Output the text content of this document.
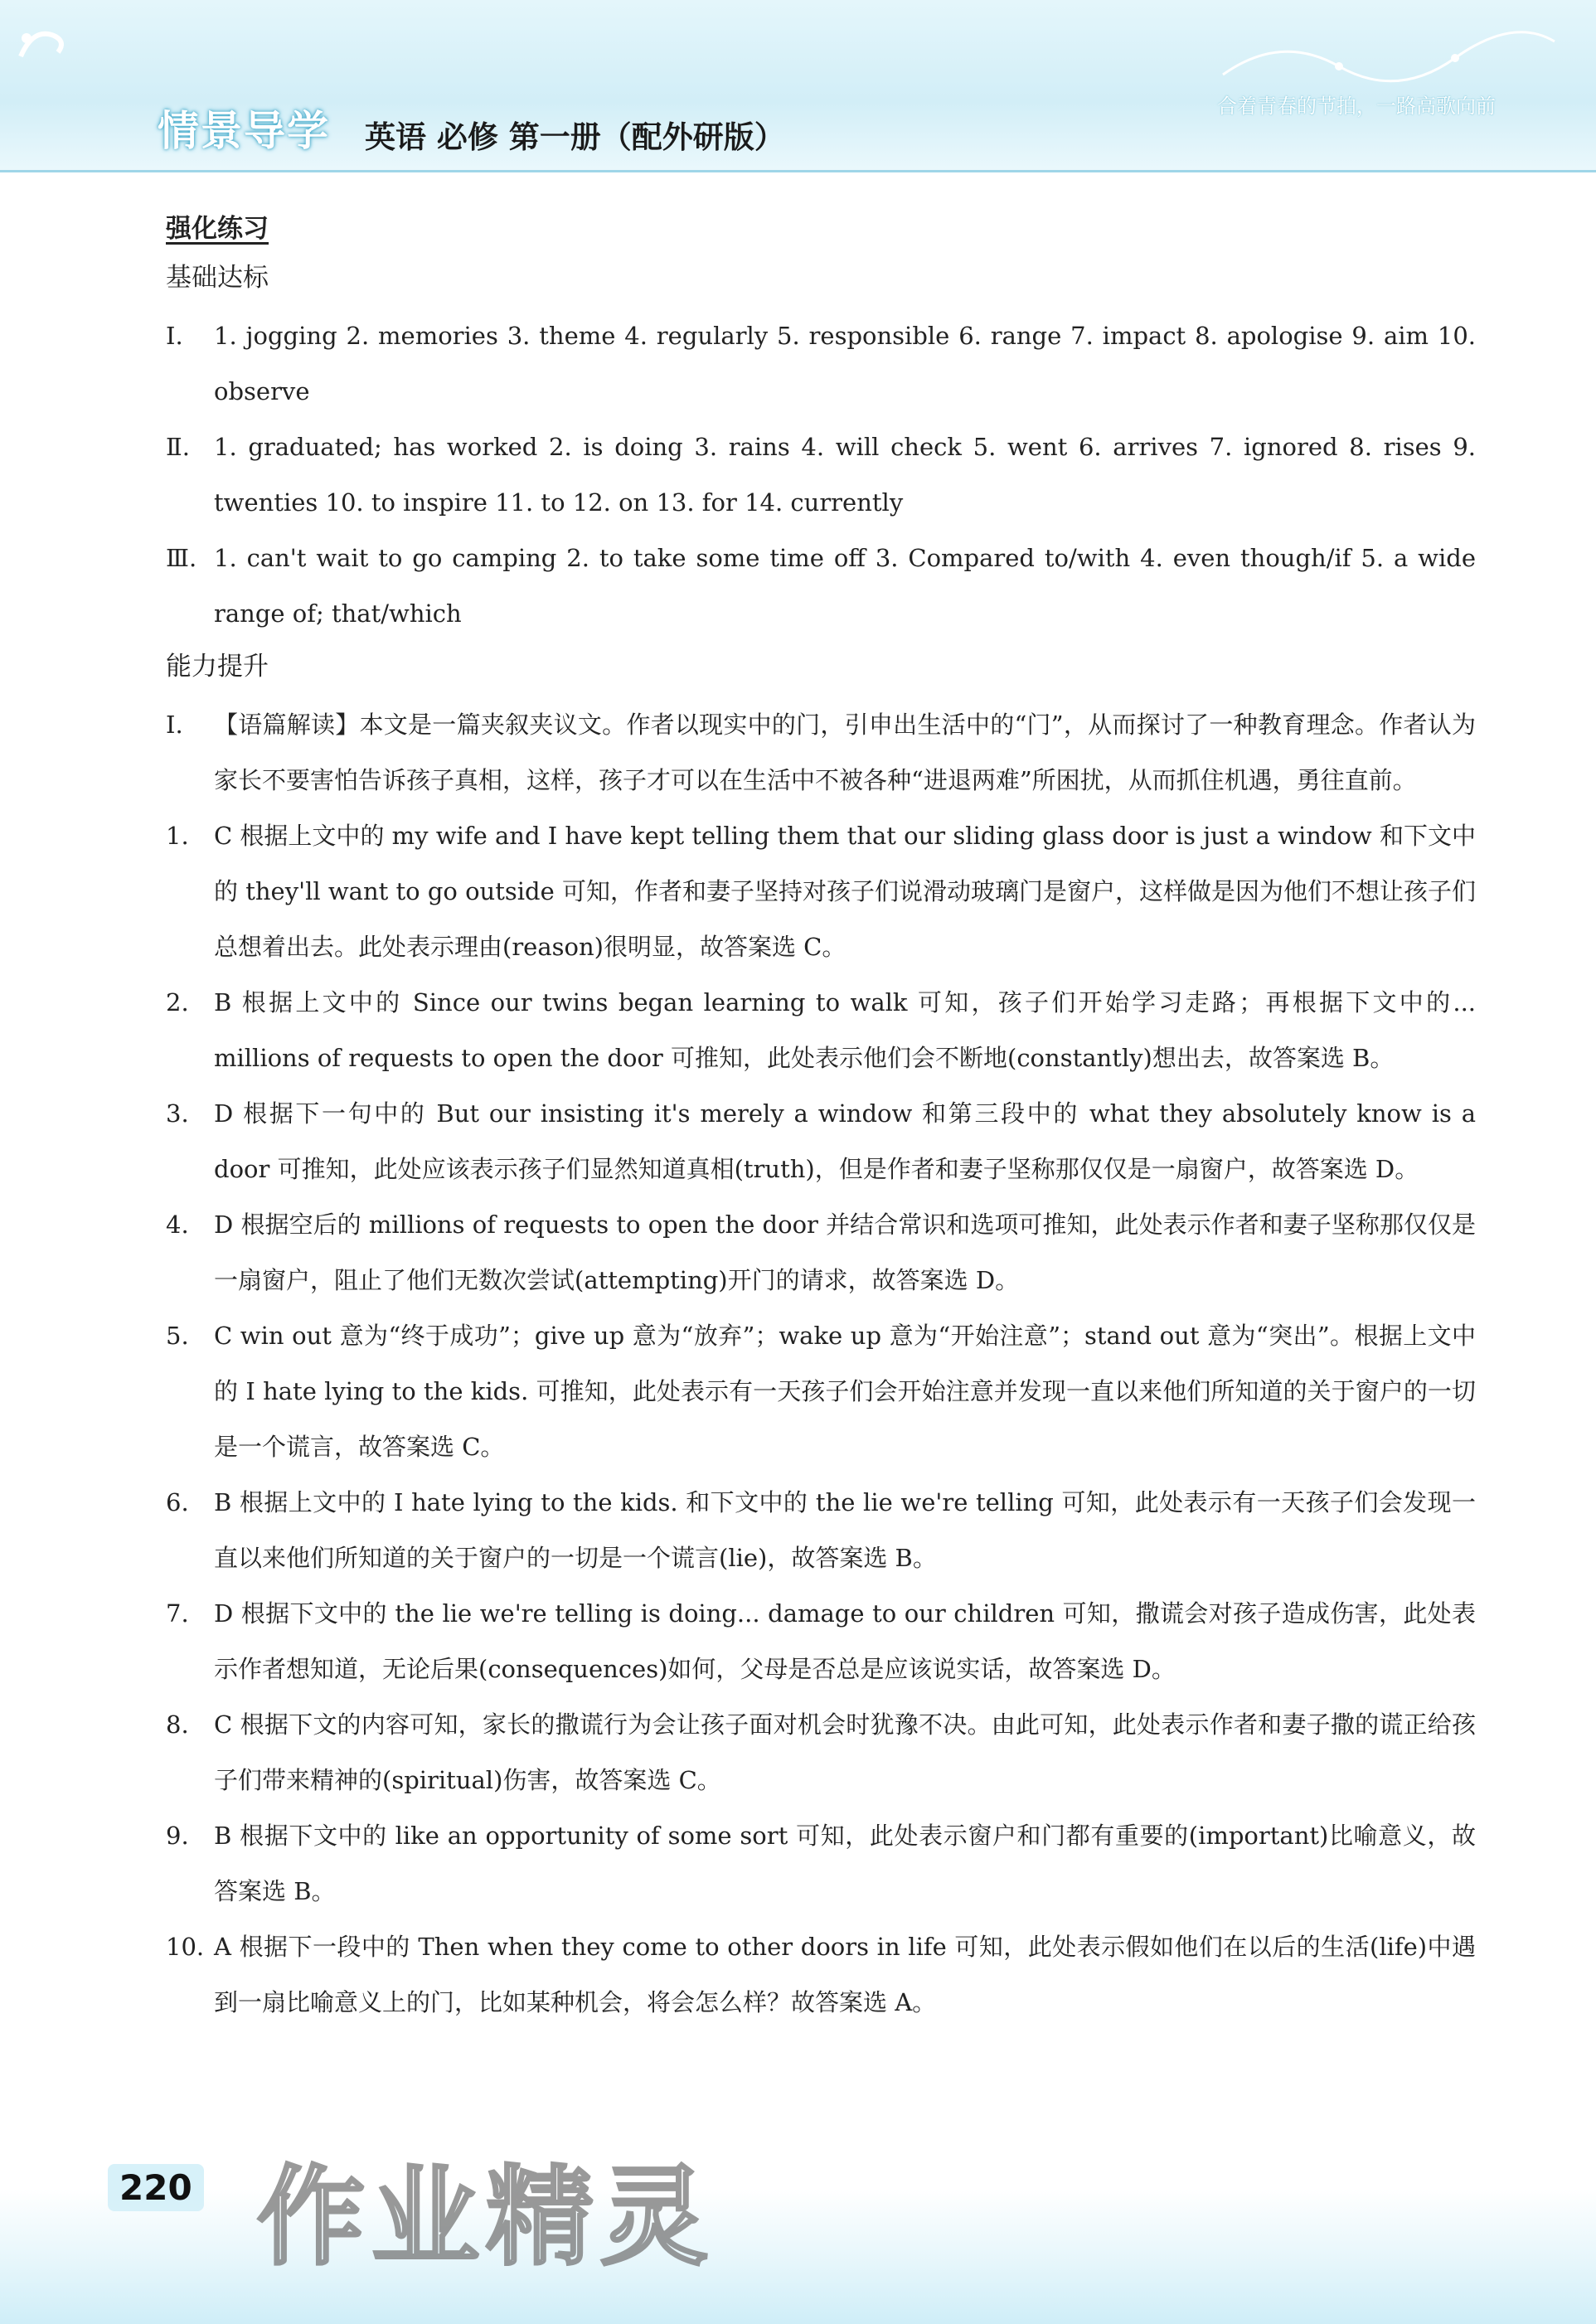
情景导学 英语 必修 第一册（配外研版）
合着青春的节拍，一路高歌向前
强化练习
基础达标
Ⅰ. 1. jogging 2. memories 3. theme 4. regularly 5. responsible 6. range 7. impact 8. apologise 9. aim 10. observe
Ⅱ. 1. graduated; has worked 2. is doing 3. rains 4. will check 5. went 6. arrives 7. ignored 8. rises 9. twenties 10. to inspire 11. to 12. on 13. for 14. currently
Ⅲ. 1. can't wait to go camping 2. to take some time off 3. Compared to/with 4. even though/if 5. a wide range of; that/which
能力提升
Ⅰ. 【语篇解读】本文是一篇夹叙夹议文。作者以现实中的门，引申出生活中的“门”，从而探讨了一种教育理念。作者认为家长不要害怕告诉孩子真相，这样，孩子才可以在生活中不被各种“进退两难”所困扰，从而抓住机遇，勇往直前。
1. C 根据上文中的 my wife and I have kept telling them that our sliding glass door is just a window 和下文中的 they'll want to go outside 可知，作者和妻子坚持对孩子们说滑动玻璃门是窗户，这样做是因为他们不想让孩子们总想着出去。此处表示理由(reason)很明显，故答案选 C。
2. B 根据上文中的 Since our twins began learning to walk 可知，孩子们开始学习走路；再根据下文中的... millions of requests to open the door 可推知，此处表示他们会不断地(constantly)想出去，故答案选 B。
3. D 根据下一句中的 But our insisting it's merely a window 和第三段中的 what they absolutely know is a door 可推知，此处应该表示孩子们显然知道真相(truth)，但是作者和妻子坚称那仅仅是一扇窗户，故答案选 D。
4. D 根据空后的 millions of requests to open the door 并结合常识和选项可推知，此处表示作者和妻子坚称那仅仅是一扇窗户，阻止了他们无数次尝试(attempting)开门的请求，故答案选 D。
5. C win out 意为“终于成功”；give up 意为“放弃”；wake up 意为“开始注意”；stand out 意为“突出”。根据上文中的 I hate lying to the kids. 可推知，此处表示有一天孩子们会开始注意并发现一直以来他们所知道的关于窗户的一切是一个谎言，故答案选 C。
6. B 根据上文中的 I hate lying to the kids. 和下文中的 the lie we're telling 可知，此处表示有一天孩子们会发现一直以来他们所知道的关于窗户的一切是一个谎言(lie)，故答案选 B。
7. D 根据下文中的 the lie we're telling is doing... damage to our children 可知，撒谎会对孩子造成伤害，此处表示作者想知道，无论后果(consequences)如何，父母是否总是应该说实话，故答案选 D。
8. C 根据下文的内容可知，家长的撒谎行为会让孩子面对机会时犹豫不决。由此可知，此处表示作者和妻子撒的谎正给孩子们带来精神的(spiritual)伤害，故答案选 C。
9. B 根据下文中的 like an opportunity of some sort 可知，此处表示窗户和门都有重要的(important)比喻意义，故答案选 B。
10. A 根据下一段中的 Then when they come to other doors in life 可知，此处表示假如他们在以后的生活(life)中遇到一扇比喻意义上的门，比如某种机会，将会怎么样？故答案选 A。
220 作业精灵
